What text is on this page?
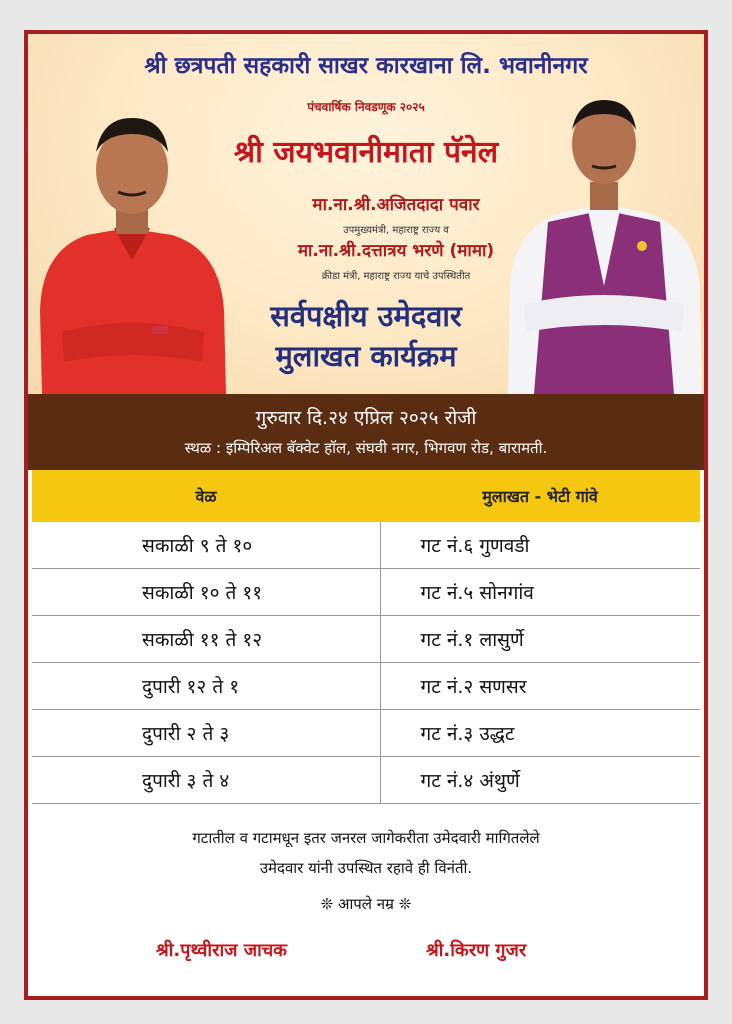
श्री छत्रपती सहकारी साखर कारखाना लि. भवानीनगर
पंचवार्षिक निवडणूक २०२५
श्री जयभवानीमाता पॅनेल
मा.ना.श्री.अजितदादा पवार
उपमुख्यमंत्री, महाराष्ट्र राज्य व
मा.ना.श्री.दत्तात्रय भरणे (मामा)
क्रीडा मंत्री, महाराष्ट्र राज्य याचे उपस्थितीत
सर्वपक्षीय उमेदवार
मुलाखत कार्यक्रम
गुरुवार दि.२४ एप्रिल २०२५ रोजी
स्थळ : इम्पिरिअल बॅक्वेट हॉल, संघवी नगर, भिगवण रोड, बारामती.
वेळ	मुलाखत - भेटी गांवे
सकाळी ९ ते १०	गट नं.६ गुणवडी
सकाळी १० ते ११	गट नं.५ सोनगांव
सकाळी ११ ते १२	गट नं.१ लासुर्णे
दुपारी १२ ते १	गट नं.२ सणसर
दुपारी २ ते ३	गट नं.३ उद्धट
दुपारी ३ ते ४	गट नं.४ अंथुर्णे
गटातील व गटामधून इतर जनरल जागेकरीता उमेदवारी मागितलेले
उमेदवार यांनी उपस्थित रहावे ही विनंती.
❊ आपले नम्र ❊
श्री.पृथ्वीराज जाचक	श्री.किरण गुजर
